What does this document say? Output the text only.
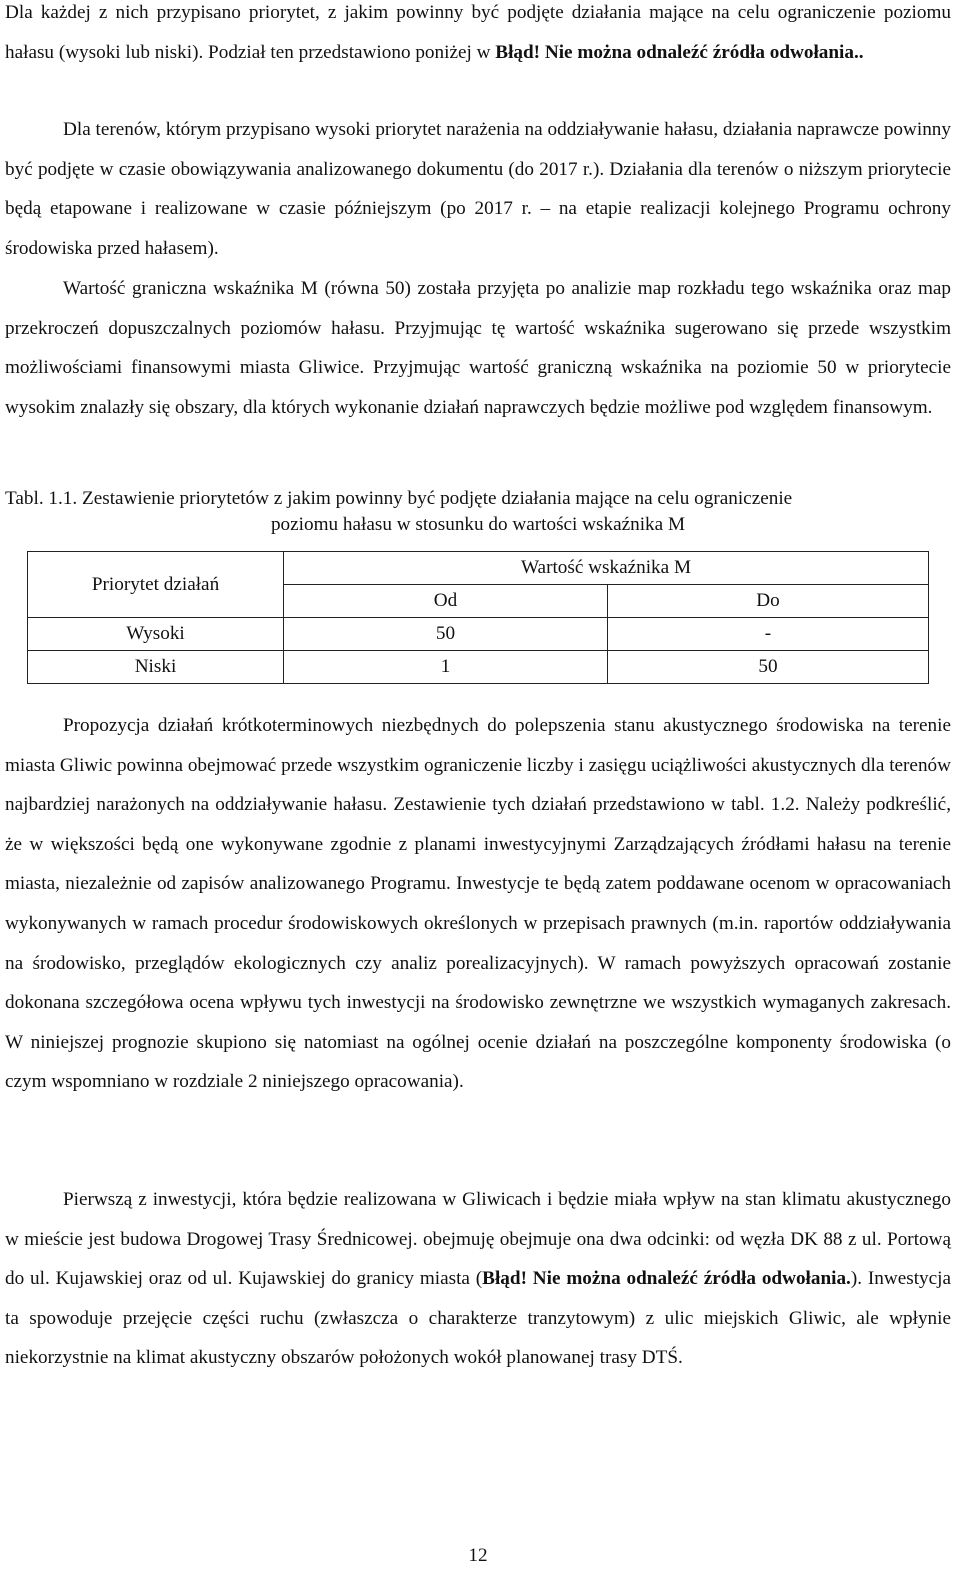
Dla każdej z nich przypisano priorytet, z jakim powinny być podjęte działania mające na celu ograniczenie poziomu hałasu (wysoki lub niski). Podział ten przedstawiono poniżej w Błąd! Nie można odnaleźć źródła odwołania..

Dla terenów, którym przypisano wysoki priorytet narażenia na oddziaływanie hałasu, działania naprawcze powinny być podjęte w czasie obowiązywania analizowanego dokumentu (do 2017 r.). Działania dla terenów o niższym priorytecie będą etapowane i realizowane w czasie późniejszym (po 2017 r. – na etapie realizacji kolejnego Programu ochrony środowiska przed hałasem).

Wartość graniczna wskaźnika M (równa 50) została przyjęta po analizie map rozkładu tego wskaźnika oraz map przekroczeń dopuszczalnych poziomów hałasu. Przyjmując tę wartość wskaźnika sugerowano się przede wszystkim możliwościami finansowymi miasta Gliwice. Przyjmując wartość graniczną wskaźnika na poziomie 50 w priorytecie wysokim znalazły się obszary, dla których wykonanie działań naprawczych będzie możliwe pod względem finansowym.

Tabl. 1.1. Zestawienie priorytetów z jakim powinny być podjęte działania mające na celu ograniczenie
poziomu hałasu w stosunku do wartości wskaźnika M
Priorytet działań	Wartość wskaźnika M	
	Od	Do
Wysoki	50	-
Niski	1	50

Propozycja działań krótkoterminowych niezbędnych do polepszenia stanu akustycznego środowiska na terenie miasta Gliwic powinna obejmować przede wszystkim ograniczenie liczby i zasięgu uciążliwości akustycznych dla terenów najbardziej narażonych na oddziaływanie hałasu. Zestawienie tych działań przedstawiono w tabl. 1.2. Należy podkreślić, że w większości będą one wykonywane zgodnie z planami inwestycyjnymi Zarządzających źródłami hałasu na terenie miasta, niezależnie od zapisów analizowanego Programu. Inwestycje te będą zatem poddawane ocenom w opracowaniach wykonywanych w ramach procedur środowiskowych określonych w przepisach prawnych (m.in. raportów oddziaływania na środowisko, przeglądów ekologicznych czy analiz porealizacyjnych). W ramach powyższych opracowań zostanie dokonana szczegółowa ocena wpływu tych inwestycji na środowisko zewnętrzne we wszystkich wymaganych zakresach. W niniejszej prognozie skupiono się natomiast na ogólnej ocenie działań na poszczególne komponenty środowiska (o czym wspomniano w rozdziale 2 niniejszego opracowania).

Pierwszą z inwestycji, która będzie realizowana w Gliwicach i będzie miała wpływ na stan klimatu akustycznego w mieście jest budowa Drogowej Trasy Średnicowej. obejmuję obejmuje ona dwa odcinki: od węzła DK 88 z ul. Portową do ul. Kujawskiej oraz od ul. Kujawskiej do granicy miasta (Błąd! Nie można odnaleźć źródła odwołania.). Inwestycja ta spowoduje przejęcie części ruchu (zwłaszcza o charakterze tranzytowym) z ulic miejskich Gliwic, ale wpłynie niekorzystnie na klimat akustyczny obszarów położonych wokół planowanej trasy DTŚ.

12
